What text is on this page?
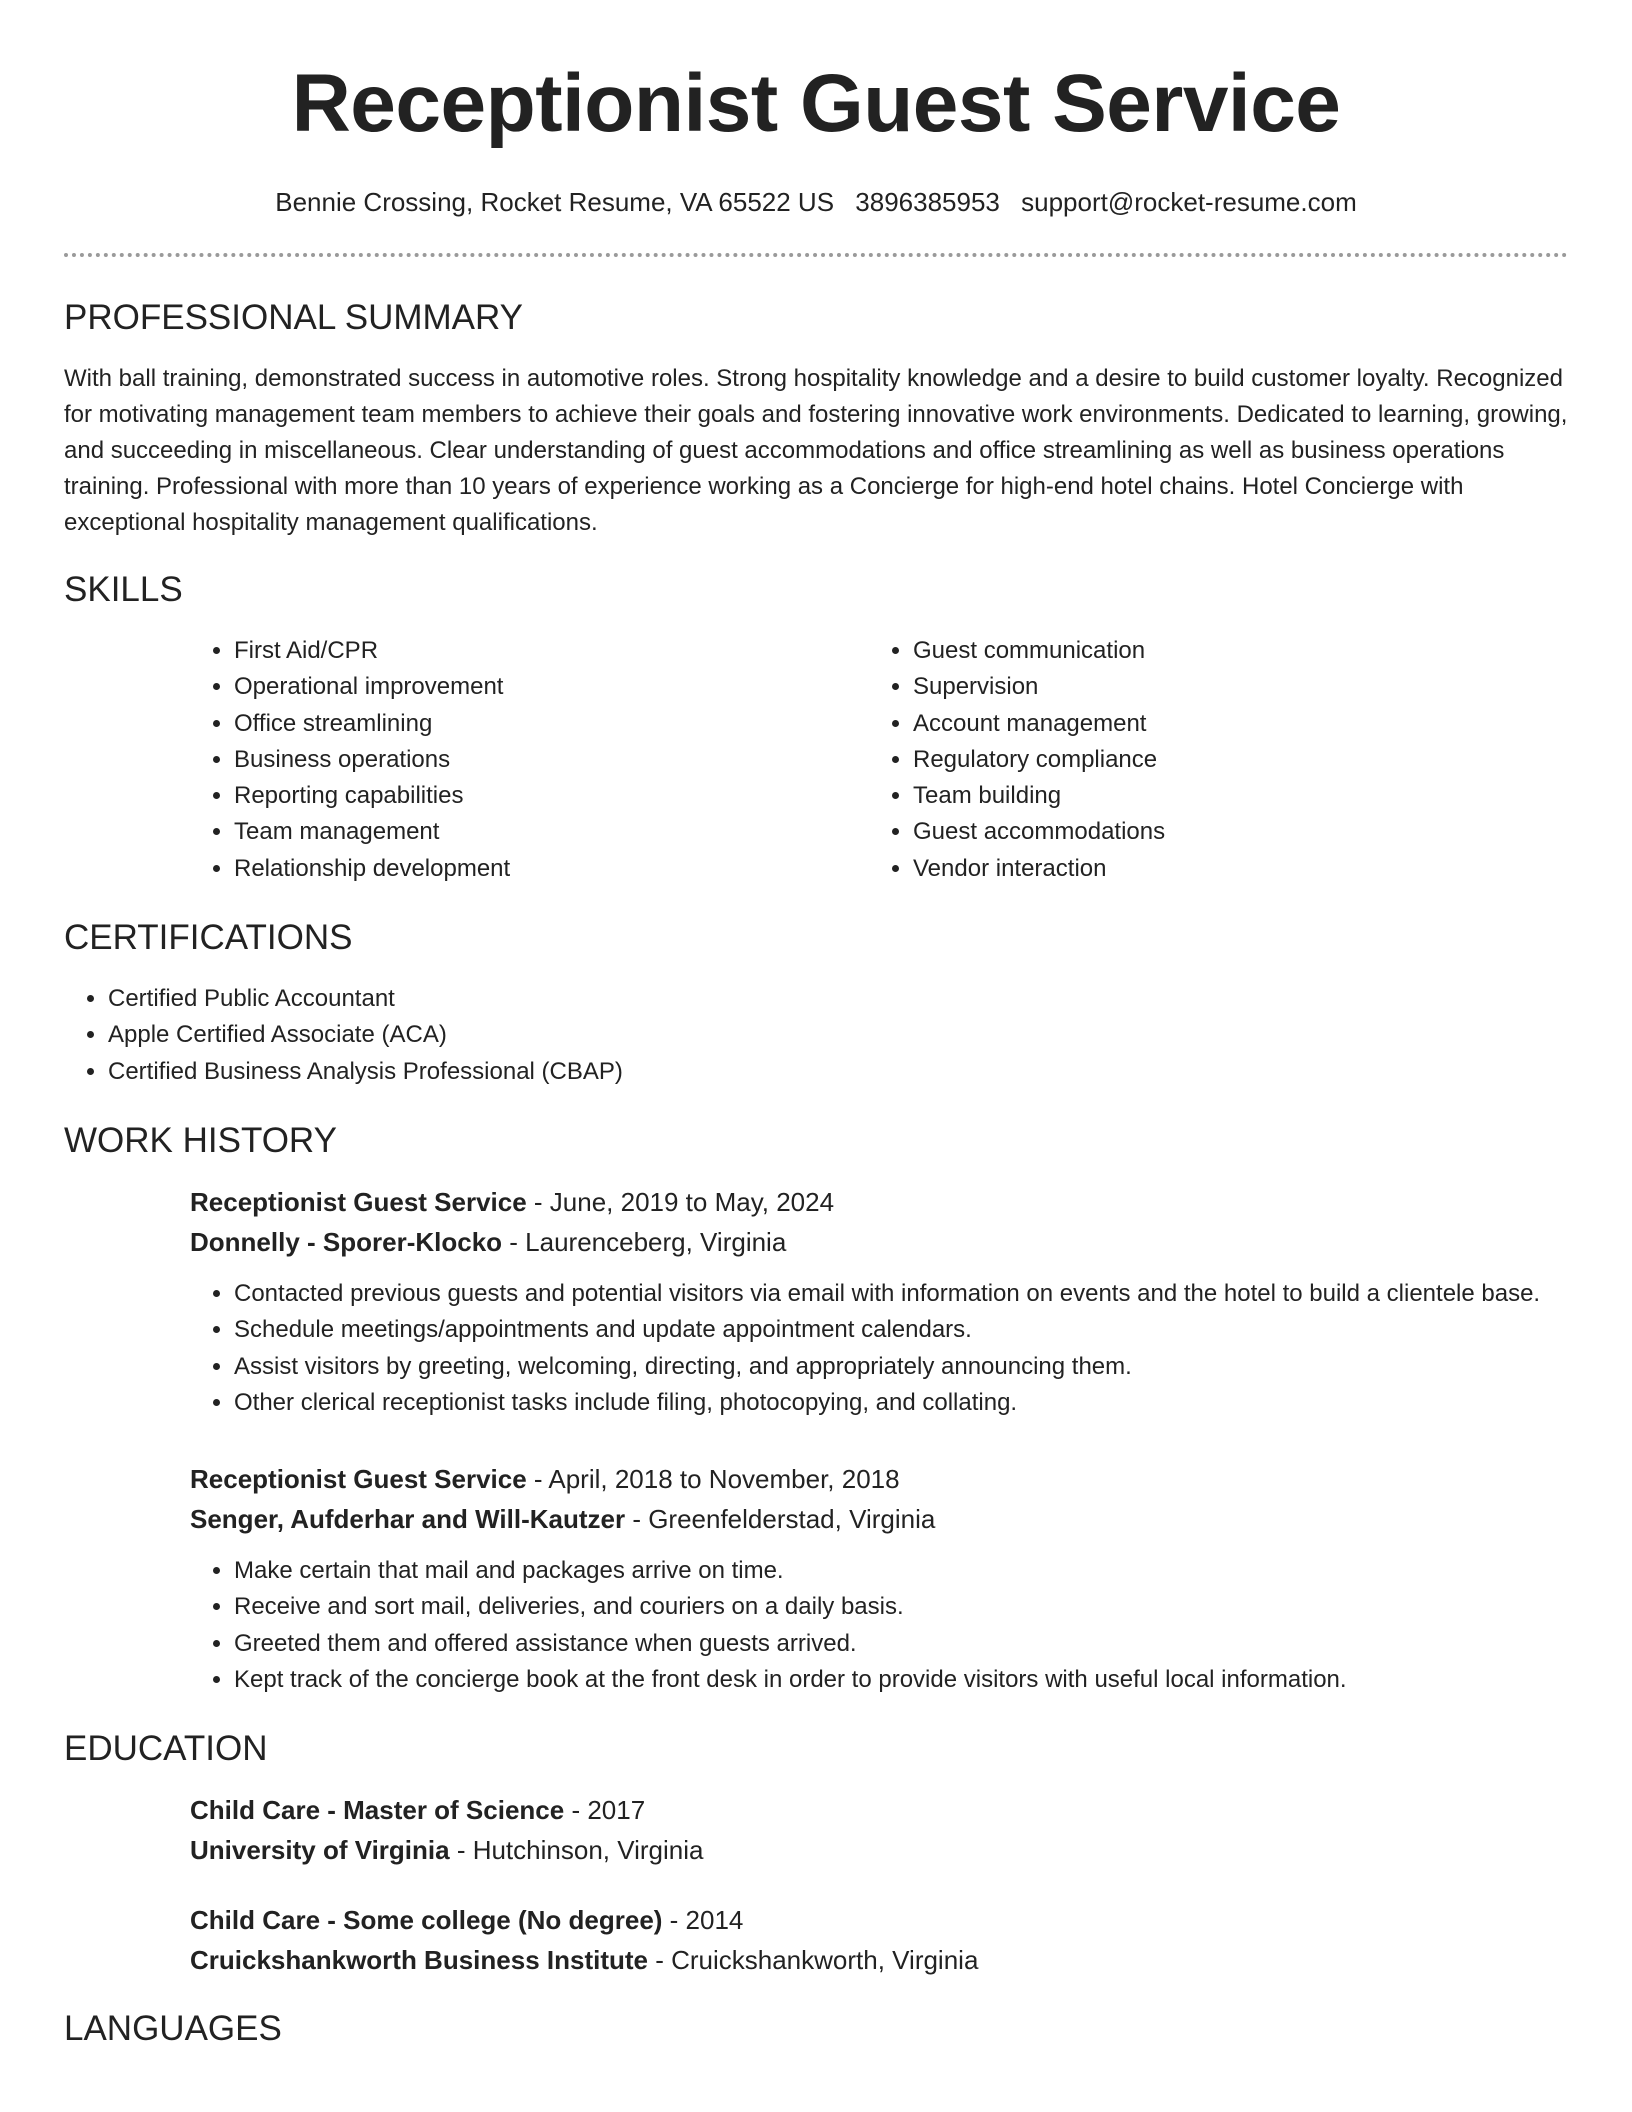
Receptionist Guest Service
Bennie Crossing, Rocket Resume, VA 65522 US 3896385953 support@rocket-resume.com
PROFESSIONAL SUMMARY

With ball training, demonstrated success in automotive roles. Strong hospitality knowledge and a desire to build customer loyalty. Recognized for motivating management team members to achieve their goals and fostering innovative work environments. Dedicated to learning, growing, and succeeding in miscellaneous. Clear understanding of guest accommodations and office streamlining as well as business operations training. Professional with more than 10 years of experience working as a Concierge for high-end hotel chains. Hotel Concierge with exceptional hospitality management qualifications.

SKILLS
• First Aid/CPR
• Operational improvement
• Office streamlining
• Business operations
• Reporting capabilities
• Team management
• Relationship development
• Guest communication
• Supervision
• Account management
• Regulatory compliance
• Team building
• Guest accommodations
• Vendor interaction
CERTIFICATIONS
• Certified Public Accountant
• Apple Certified Associate (ACA)
• Certified Business Analysis Professional (CBAP)
WORK HISTORY
Receptionist Guest Service - June, 2019 to May, 2024
Donnelly - Sporer-Klocko - Laurenceberg, Virginia
• Contacted previous guests and potential visitors via email with information on events and the hotel to build a clientele base.
• Schedule meetings/appointments and update appointment calendars.
• Assist visitors by greeting, welcoming, directing, and appropriately announcing them.
• Other clerical receptionist tasks include filing, photocopying, and collating.
Receptionist Guest Service - April, 2018 to November, 2018
Senger, Aufderhar and Will-Kautzer - Greenfelderstad, Virginia
• Make certain that mail and packages arrive on time.
• Receive and sort mail, deliveries, and couriers on a daily basis.
• Greeted them and offered assistance when guests arrived.
• Kept track of the concierge book at the front desk in order to provide visitors with useful local information.
EDUCATION
Child Care - Master of Science - 2017
University of Virginia - Hutchinson, Virginia
Child Care - Some college (No degree) - 2014
Cruickshankworth Business Institute - Cruickshankworth, Virginia
LANGUAGES
